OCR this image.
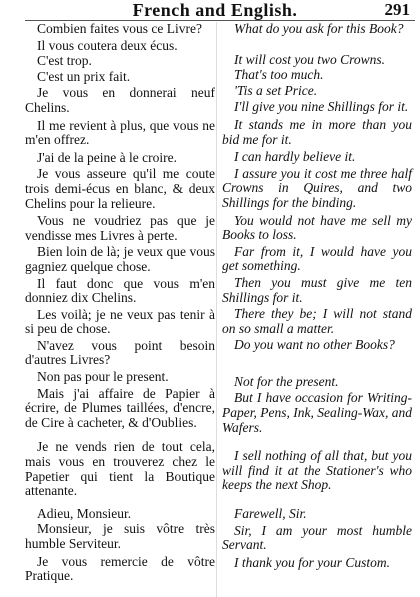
French and English.	291

Combien faites vous ce Livre?

Il vous coutera deux écus.

C'est trop.

C'est un prix fait.

Je vous en donnerai neuf Chelins.

Il me revient à plus, que vous ne m'en offrez.

J'ai de la peine à le croire.

Je vous asseure qu'il me coute trois demi-écus en blanc, & deux Chelins pour la relieure.

Vous ne voudriez pas que je vendisse mes Livres à perte.

Bien loin de là; je veux que vous gagniez quelque chose.

Il faut donc que vous m'en donniez dix Chelins.

Les voilà; je ne veux pas tenir à si peu de chose.

N'avez vous point besoin d'autres Livres?

Non pas pour le present.

Mais j'ai affaire de Papier à écrire, de Plumes taillées, d'encre, de Cire à cacheter, & d'Oublies.

Je ne vends rien de tout cela, mais vous en trouverez chez le Papetier qui tient la Boutique attenante.

Adieu, Monsieur.

Monsieur, je suis vôtre très humble Serviteur.

Je vous remercie de vôtre Pratique.

What do you ask for this Book?

It will cost you two Crowns.

That's too much.

'Tis a set Price.

I'll give you nine Shillings for it.

It stands me in more than you bid me for it.

I can hardly believe it.

I assure you it cost me three half Crowns in Quires, and two Shillings for the binding.

You would not have me sell my Books to loss.

Far from it, I would have you get something.

Then you must give me ten Shillings for it.

There they be; I will not stand on so small a matter.

Do you want no other Books?

Not for the present.

But I have occasion for Writing-Paper, Pens, Ink, Sealing-Wax, and Wafers.

I sell nothing of all that, but you will find it at the Stationer's who keeps the next Shop.

Farewell, Sir.

Sir, I am your most humble Servant.

I thank you for your Custom.
